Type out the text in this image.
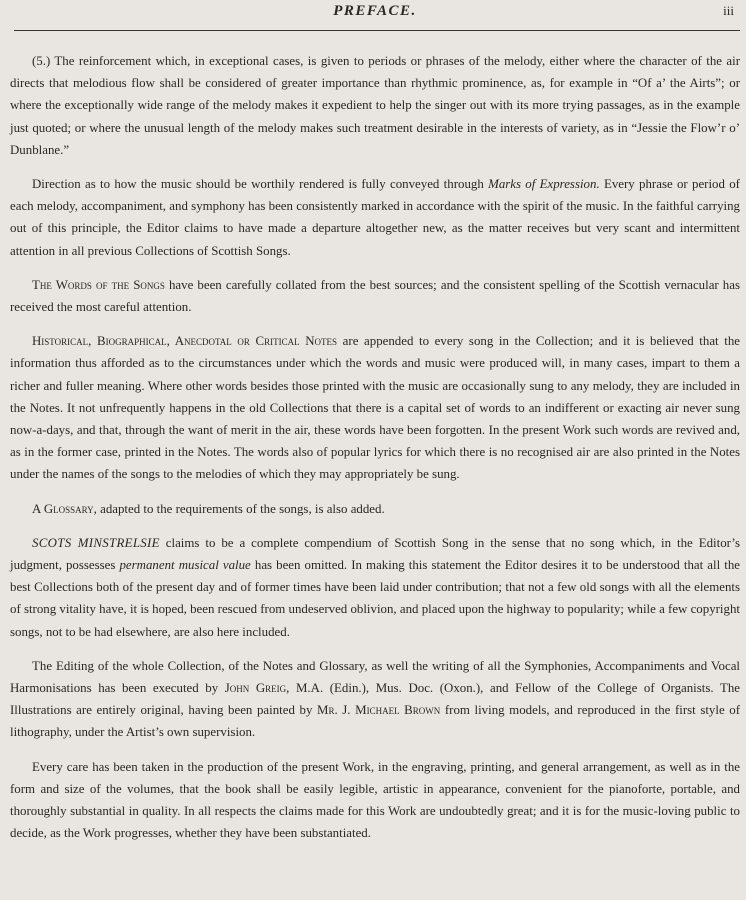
PREFACE.	iii

(5.) The reinforcement which, in exceptional cases, is given to periods or phrases of the melody, either where the character of the air directs that melodious flow shall be considered of greater importance than rhythmic prominence, as, for example in “Of a’ the Airts”; or where the exceptionally wide range of the melody makes it expedient to help the singer out with its more trying passages, as in the example just quoted; or where the unusual length of the melody makes such treatment desirable in the interests of variety, as in “Jessie the Flow’r o’ Dunblane.”

Direction as to how the music should be worthily rendered is fully conveyed through Marks of Expression. Every phrase or period of each melody, accompaniment, and symphony has been consistently marked in accordance with the spirit of the music. In the faithful carrying out of this principle, the Editor claims to have made a departure altogether new, as the matter receives but very scant and intermittent attention in all previous Collections of Scottish Songs.

The Words of the Songs have been carefully collated from the best sources; and the consistent spelling of the Scottish vernacular has received the most careful attention.

Historical, Biographical, Anecdotal or Critical Notes are appended to every song in the Collection; and it is believed that the information thus afforded as to the circumstances under which the words and music were produced will, in many cases, impart to them a richer and fuller meaning. Where other words besides those printed with the music are occasionally sung to any melody, they are included in the Notes. It not unfrequently happens in the old Collections that there is a capital set of words to an indifferent or exacting air never sung now-a-days, and that, through the want of merit in the air, these words have been forgotten. In the present Work such words are revived and, as in the former case, printed in the Notes. The words also of popular lyrics for which there is no recognised air are also printed in the Notes under the names of the songs to the melodies of which they may appropriately be sung.

A Glossary, adapted to the requirements of the songs, is also added.

SCOTS MINSTRELSIE claims to be a complete compendium of Scottish Song in the sense that no song which, in the Editor’s judgment, possesses permanent musical value has been omitted. In making this statement the Editor desires it to be understood that all the best Collections both of the present day and of former times have been laid under contribution; that not a few old songs with all the elements of strong vitality have, it is hoped, been rescued from undeserved oblivion, and placed upon the highway to popularity; while a few copyright songs, not to be had elsewhere, are also here included.

The Editing of the whole Collection, of the Notes and Glossary, as well the writing of all the Symphonies, Accompaniments and Vocal Harmonisations has been executed by John Greig, M.A. (Edin.), Mus. Doc. (Oxon.), and Fellow of the College of Organists. The Illustrations are entirely original, having been painted by Mr. J. Michael Brown from living models, and reproduced in the first style of lithography, under the Artist’s own supervision.

Every care has been taken in the production of the present Work, in the engraving, printing, and general arrangement, as well as in the form and size of the volumes, that the book shall be easily legible, artistic in appearance, convenient for the pianoforte, portable, and thoroughly substantial in quality. In all respects the claims made for this Work are undoubtedly great; and it is for the music-loving public to decide, as the Work progresses, whether they have been substantiated.
